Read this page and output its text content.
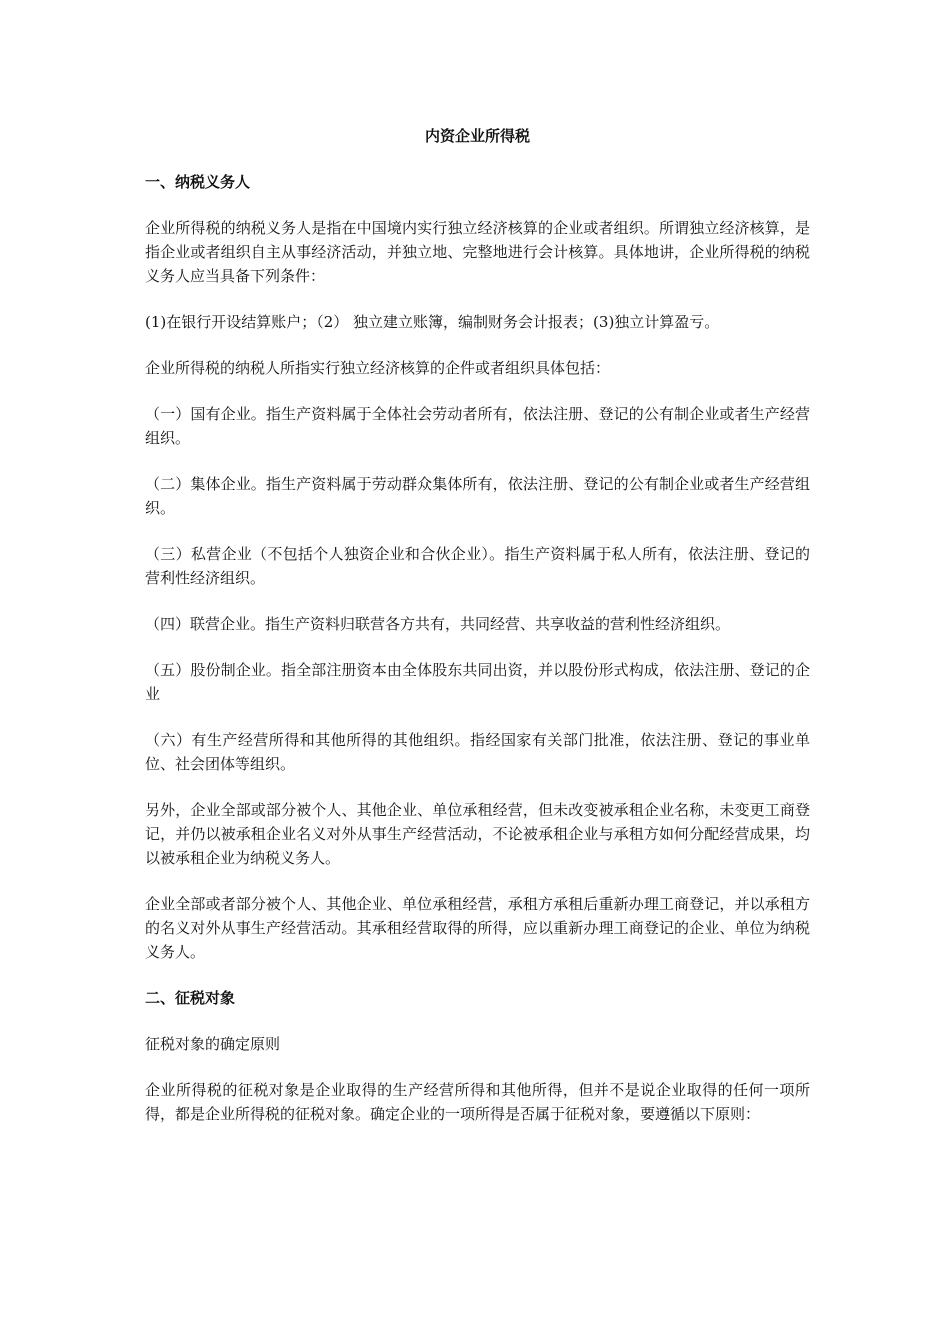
内资企业所得税
一、纳税义务人
企业所得税的纳税义务人是指在中国境内实行独立经济核算的企业或者组织。所谓独立经济核算，是指企业或者组织自主从事经济活动，并独立地、完整地进行会计核算。具体地讲，企业所得税的纳税义务人应当具备下列条件：
(1)在银行开设结算账户；（2） 独立建立账簿，编制财务会计报表；(3)独立计算盈亏。
企业所得税的纳税人所指实行独立经济核算的企件或者组织具体包括：
（一）国有企业。指生产资料属于全体社会劳动者所有，依法注册、登记的公有制企业或者生产经营组织。
（二）集体企业。指生产资料属于劳动群众集体所有，依法注册、登记的公有制企业或者生产经营组织。
（三）私营企业（不包括个人独资企业和合伙企业）。指生产资料属于私人所有，依法注册、登记的营利性经济组织。
（四）联营企业。指生产资料归联营各方共有，共同经营、共享收益的营利性经济组织。
（五）股份制企业。指全部注册资本由全体股东共同出资，并以股份形式构成，依法注册、登记的企业
（六）有生产经营所得和其他所得的其他组织。指经国家有关部门批准，依法注册、登记的事业单位、社会团体等组织。
另外，企业全部或部分被个人、其他企业、单位承租经营，但未改变被承租企业名称，未变更工商登记，并仍以被承租企业名义对外从事生产经营活动，不论被承租企业与承租方如何分配经营成果，均以被承租企业为纳税义务人。
企业全部或者部分被个人、其他企业、单位承租经营，承租方承租后重新办理工商登记，并以承租方的名义对外从事生产经营活动。其承租经营取得的所得，应以重新办理工商登记的企业、单位为纳税义务人。
二、征税对象
征税对象的确定原则
企业所得税的征税对象是企业取得的生产经营所得和其他所得，但并不是说企业取得的任何一项所得，都是企业所得税的征税对象。确定企业的一项所得是否属于征税对象，要遵循以下原则：
